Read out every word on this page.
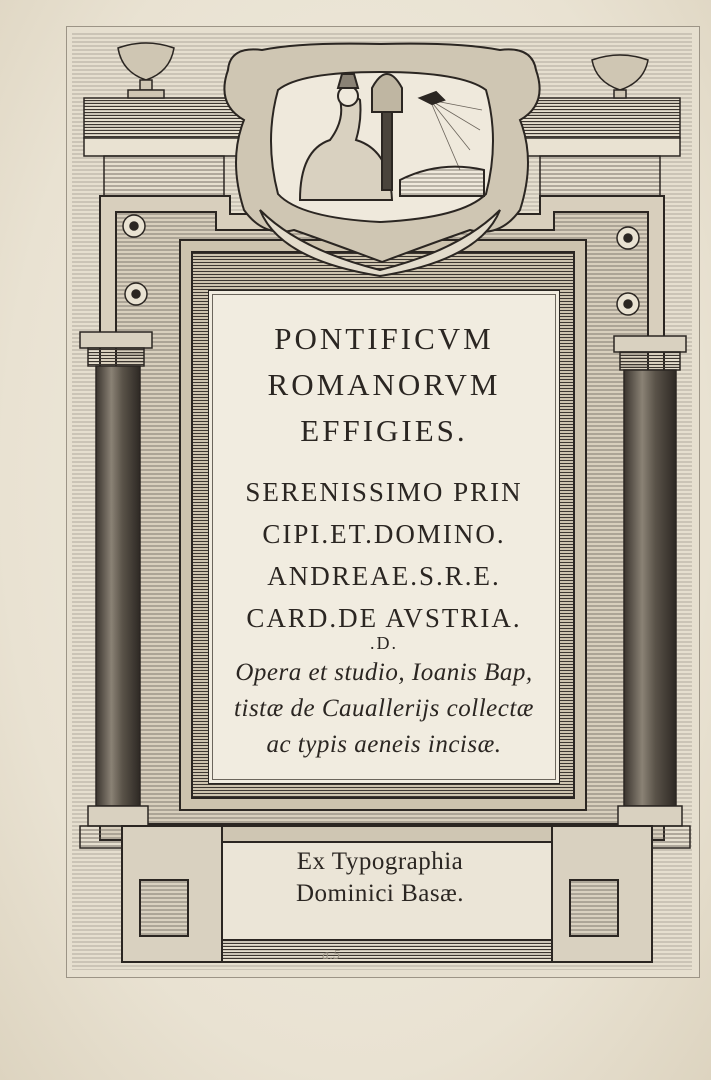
PONTIFICVM
ROMANORVM
EFFIGIES.
SERENISSIMO PRIN
CIPI.ET.DOMINO.
ANDREAE.S.R.E.
CARD.DE AVSTRIA.
.D.
Opera et studio, Ioanis Bap,
tistæ de Cauallerijs collectæ
ac typis aeneis incisæ.
Ex Typographia
Dominici Basæ.
a.5
